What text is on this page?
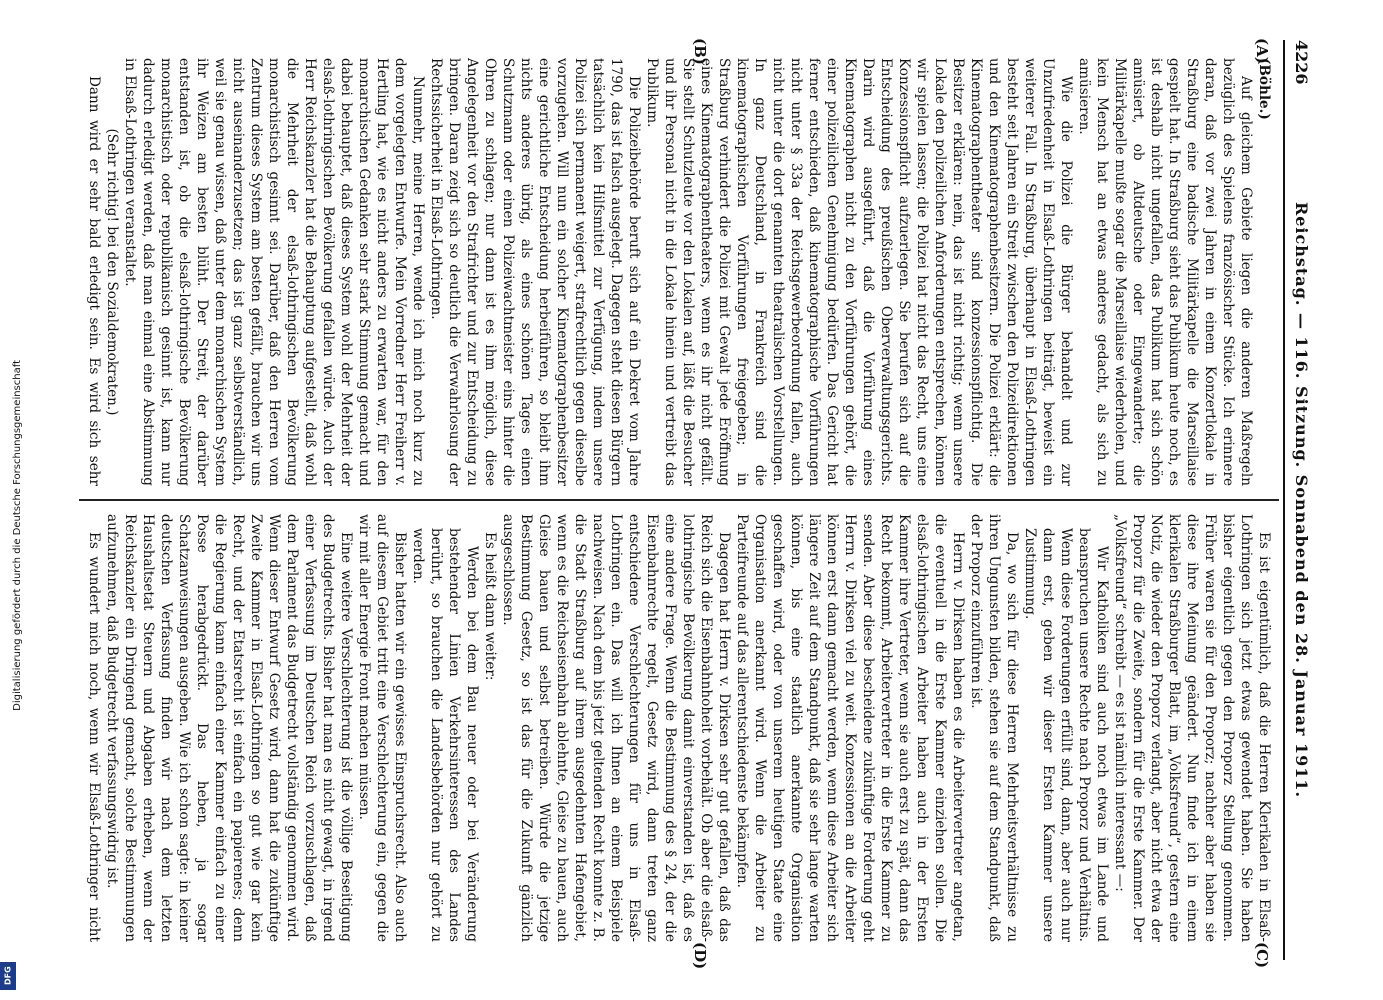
4226
Reichstag. — 116. Sitzung. Sonnabend den 28. Januar 1911.
(A)
(B)
(C)
(D)

(Böhle.)

Auf gleichem Gebiete liegen die anderen Maßregeln bezüglich des Spielens französischer Stücke. Ich erinnere daran, daß vor zwei Jahren in einem Konzertlokale in Straßburg eine badische Militärkapelle die Marseillaise gespielt hat. In Straßburg sieht das Publikum heute noch, es ist deshalb nicht ungefallen, das Publikum hat sich schön amüsiert, ob Altdeutsche oder Eingewanderte; die Militärkapelle mußte sogar die Marseillaise wiederholen, und kein Mensch hat an etwas anderes gedacht, als sich zu amüsieren.

Wie die Polizei die Bürger behandelt und zur Unzufriedenheit in Elsaß-Lothringen beiträgt, beweist ein weiterer Fall. In Straßburg, überhaupt in Elsaß-Lothringen besteht seit Jahren ein Streit zwischen den Polizeidirektionen und den Kinematographenbesitzern. Die Polizei erklärt: die Kinematographentheater sind konzessionspflichtig. Die Besitzer erklären: nein, das ist nicht richtig; wenn unsere Lokale den polizeilichen Anforderungen entsprechen, können wir spielen lassen; die Polizei hat nicht das Recht, uns eine Konzessionspflicht aufzuerlegen. Sie berufen sich auf die Entscheidung des preußischen Oberverwaltungsgerichts. Darin wird ausgeführt, daß die Vorführung eines Kinematographen nicht zu den Vorführungen gehört, die einer polizeilichen Genehmigung bedürfen. Das Gericht hat ferner entschieden, daß kinematographische Vorführungen nicht unter § 33a der Reichsgewerbeordnung fallen, auch nicht unter die dort genannten theatralischen Vorstellungen. In ganz Deutschland, in Frankreich sind die kinematographischen Vorführungen freigegeben; in Straßburg verhindert die Polizei mit Gewalt jede Eröffnung eines Kinematographentheaters, wenn es ihr nicht gefällt. Sie stellt Schutzleute vor den Lokalen auf, läßt die Besucher und ihr Personal nicht in die Lokale hinein und vertreibt das Publikum.

Die Polizeibehörde beruft sich auf ein Dekret vom Jahre 1790, das ist falsch ausgelegt. Dagegen steht diesen Bürgern tatsächlich kein Hilfsmittel zur Verfügung, indem unsere Polizei sich permanent weigert, strafrechtlich gegen dieselbe vorzugehen. Will nun ein solcher Kinematographenbesitzer eine gerichtliche Entscheidung herbeiführen, so bleibt ihm nichts anderes übrig, als eines schönen Tages einen Schutzmann oder einen Polizeiwachtmeister eins hinter die Ohren zu schlagen; nur dann ist es ihm möglich, diese Angelegenheit vor den Strafrichter und zur Entscheidung zu bringen. Daran zeigt sich so deutlich die Verwahrlosung der Rechtssicherheit in Elsaß-Lothringen.

Nunmehr, meine Herren, wende ich mich noch kurz zu dem vorgelegten Entwurfe. Mein Vorredner Herr Freiherr v. Hertling hat, wie es nicht anders zu erwarten war, für den monarchischen Gedanken sehr stark Stimmung gemacht und dabei behauptet, daß dieses System wohl der Mehrheit der elsaß-lothringischen Bevölkerung gefallen würde. Auch der Herr Reichskanzler hat die Behauptung aufgestellt, daß wohl die Mehrheit der elsaß-lothringischen Bevölkerung monarchistisch gesinnt sei. Darüber, daß den Herren vom Zentrum dieses System am besten gefällt, brauchen wir uns nicht auseinanderzusetzen; das ist ganz selbstverständlich, weil sie genau wissen, daß unter dem monarchischen System ihr Weizen am besten blüht. Der Streit, der darüber entstanden ist, ob die elsaß-lothringische Bevölkerung monarchistisch oder republikanisch gesinnt ist, kann nur dadurch erledigt werden, daß man einmal eine Abstimmung in Elsaß-Lothringen veranstaltet.

(Sehr richtig! bei den Sozialdemokraten.)

Dann wird er sehr bald erledigt sein. Es wird sich sehr

Es ist eigentümlich, daß die Herren Klerikalen in Elsaß-Lothringen sich jetzt etwas gewendet haben. Sie haben bisher eigentlich gegen den Proporz Stellung genommen. Früher waren sie für den Proporz; nachher aber haben sie diese ihre Meinung geändert. Nun finde ich in einem klerikalen Straßburger Blatt, im „Volksfreund“, gestern eine Notiz, die wieder den Proporz verlangt, aber nicht etwa der Proporz für die Zweite, sondern für die Erste Kammer. Der „Volksfreund“ schreibt — es ist nämlich interessant —:

Wir Katholiken sind auch noch etwas im Lande und beanspruchen unsere Rechte nach Proporz und Verhältnis. Wenn diese Forderungen erfüllt sind, dann, aber auch nur dann erst, geben wir dieser Ersten Kammer unsere Zustimmung.

Da, wo sich für diese Herren Mehrheitsverhältnisse zu ihren Ungunsten bilden, stehen sie auf dem Standpunkt, daß der Proporz einzuführen ist.

Herrn v. Dirksen haben es die Arbeitervertreter angetan, die eventuell in die Erste Kammer einziehen sollen. Die elsaß-lothringischen Arbeiter haben auch in der Ersten Kammer ihre Vertreter, wenn sie auch erst zu spät, dann das Recht bekommt, Arbeitervertreter in die Erste Kammer zu senden. Aber diese bescheidene zukünftige Forderung geht Herrn v. Dirksen viel zu weit. Konzessionen an die Arbeiter können erst dann gemacht werden, wenn diese Arbeiter sich längere Zeit auf dem Standpunkt, daß sie sehr lange warten können, bis eine staatlich anerkannte Organisation geschaffen wird, oder von unserem heutigen Staate eine Organisation anerkannt wird. Wenn die Arbeiter zu Parteifreunde auf das allerentschiedenste bekämpfen.

Dagegen hat Herrn v. Dirksen sehr gut gefallen, daß das Reich sich die Eisenbahnhoheit vorbehält. Ob aber die elsaß-lothringische Bevölkerung damit einverstanden ist, daß es eine andere Frage. Wenn die Bestimmung des § 24, der die Eisenbahnrechte regelt, Gesetz wird, dann treten ganz entschiedene Verschlechterungen für uns in Elsaß-Lothringen ein. Das will ich Ihnen an einem Beispiele nachweisen. Nach dem bis jetzt geltenden Recht konnte z. B. die Stadt Straßburg auf ihrem ausgedehnten Hafengebiet, wenn es die Reichseisenbahn ablehnte, Gleise zu bauen, auch Gleise bauen und selbst betreiben. Würde die jetzige Bestimmung Gesetz, so ist das für die Zukunft gänzlich ausgeschlossen.

Es heißt dann weiter:

Werden bei dem Bau neuer oder bei Veränderung bestehender Linien Verkehrsinteressen des Landes berührt, so brauchen die Landesbehörden nur gehört zu werden.

Bisher hatten wir ein gewisses Einspruchsrecht. Also auch auf diesem Gebiet tritt eine Verschlechterung ein, gegen die wir mit aller Energie Front machen müssen.

Eine weitere Verschlechterung ist die völlige Beseitigung des Budgetrechts. Bisher hat man es nicht gewagt, in irgend einer Verfassung im Deutschen Reich vorzuschlagen, daß dem Parlament das Budgetrecht vollständig genommen wird. Wenn dieser Entwurf Gesetz wird, dann hat die zukünftige Zweite Kammer in Elsaß-Lothringen so gut wie gar kein Recht, und der Etatsrecht ist einfach ein papierenes; denn die Regierung kann einfach einer Kammer einfach zu einer Posse herabgedrückt. Das heben, ja sogar Schatzanweisungen ausgeben. Wie ich schon sagte: in keiner deutschen Verfassung finden wir nach dem letzten Haushaltsetat Steuern und Abgaben erheben, wenn der Reichskanzler ein Dringend gemacht, solche Bestimmungen aufzunehmen, daß Budgetrecht verfassungswidrig ist.

Es wundert mich noch, wenn wir Elsaß-Lothringer nicht

Digitalisierung gefördert durch die Deutsche Forschungsgemeinschaft
DFG
